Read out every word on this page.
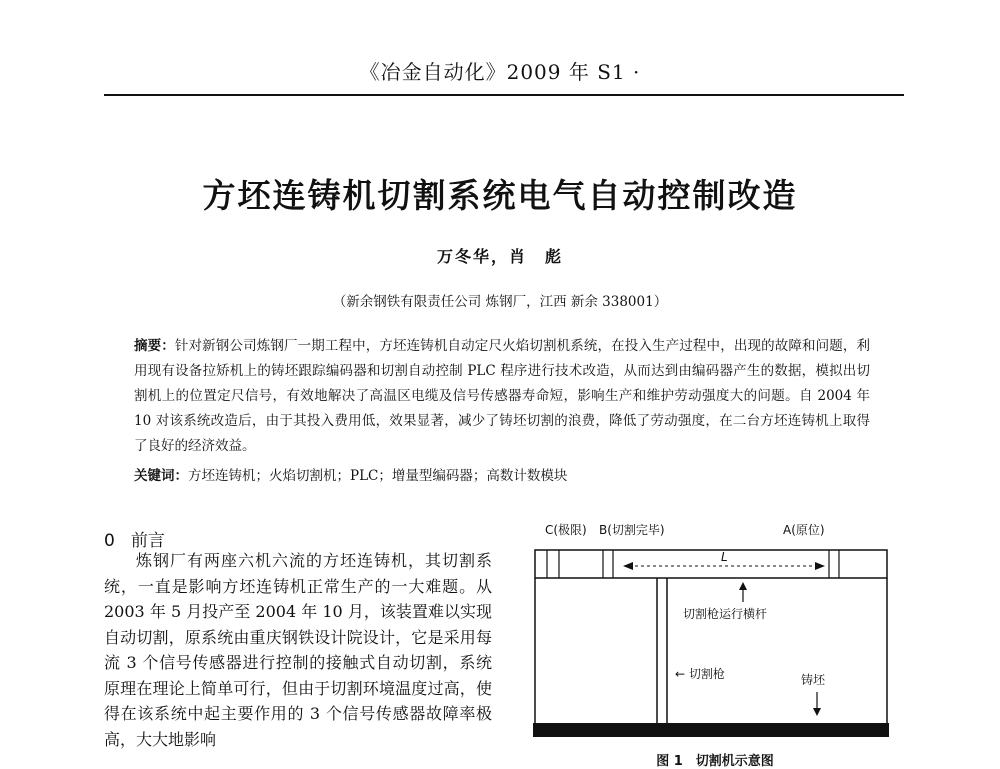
《冶金自动化》2009 年 S1 ·
方坯连铸机切割系统电气自动控制改造
万冬华，肖　彪
（新余钢铁有限责任公司 炼钢厂，江西 新余 338001）
摘要：针对新钢公司炼钢厂一期工程中，方坯连铸机自动定尺火焰切割机系统，在投入生产过程中，出现的故障和问题，利用现有设备拉矫机上的铸坯跟踪编码器和切割自动控制 PLC 程序进行技术改造，从而达到由编码器产生的数据，模拟出切割机上的位置定尺信号，有效地解决了高温区电缆及信号传感器寿命短，影响生产和维护劳动强度大的问题。自 2004 年 10 对该系统改造后，由于其投入费用低，效果显著，减少了铸坯切割的浪费，降低了劳动强度，在二台方坯连铸机上取得了良好的经济效益。
关键词：方坯连铸机；火焰切割机；PLC；增量型编码器；高数计数模块
0 前言

炼钢厂有两座六机六流的方坯连铸机，其切割系统，一直是影响方坯连铸机正常生产的一大难题。从 2003 年 5 月投产至 2004 年 10 月，该装置难以实现自动切割，原系统由重庆钢铁设计院设计，它是采用每流 3 个信号传感器进行控制的接触式自动切割，系统原理在理论上简单可行，但由于切割环境温度过高，使得在该系统中起主要作用的 3 个信号传感器故障率极高，大大地影响

C(极限) B(切割完毕)	A(原位)
L
切割枪运行横杆
← 切割枪	铸坯
图 1　切割机示意图
